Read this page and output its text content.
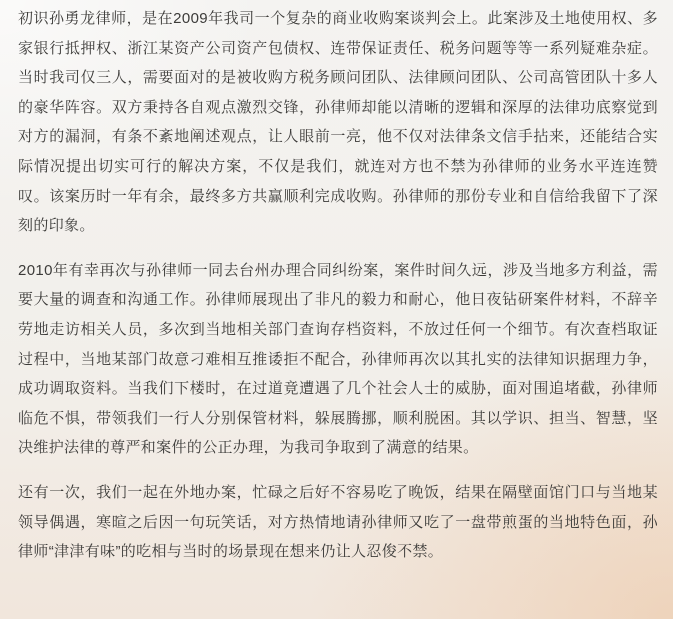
初识孙勇龙律师，是在2009年我司一个复杂的商业收购案谈判会上。此案涉及土地使用权、多家银行抵押权、浙江某资产公司资产包债权、连带保证责任、税务问题等等一系列疑难杂症。当时我司仅三人，需要面对的是被收购方税务顾问团队、法律顾问团队、公司高管团队十多人的豪华阵容。双方秉持各自观点激烈交锋，孙律师却能以清晰的逻辑和深厚的法律功底察觉到对方的漏洞，有条不紊地阐述观点，让人眼前一亮，他不仅对法律条文信手拈来，还能结合实际情况提出切实可行的解决方案，不仅是我们，就连对方也不禁为孙律师的业务水平连连赞叹。该案历时一年有余，最终多方共赢顺利完成收购。孙律师的那份专业和自信给我留下了深刻的印象。

2010年有幸再次与孙律师一同去台州办理合同纠纷案，案件时间久远，涉及当地多方利益，需要大量的调查和沟通工作。孙律师展现出了非凡的毅力和耐心，他日夜钻研案件材料，不辞辛劳地走访相关人员，多次到当地相关部门查询存档资料，不放过任何一个细节。有次查档取证过程中，当地某部门故意刁难相互推诿拒不配合，孙律师再次以其扎实的法律知识据理力争，成功调取资料。当我们下楼时，在过道竟遭遇了几个社会人士的威胁，面对围追堵截，孙律师临危不惧，带领我们一行人分别保管材料，躲展腾挪，顺利脱困。其以学识、担当、智慧，坚决维护法律的尊严和案件的公正办理，为我司争取到了满意的结果。

还有一次，我们一起在外地办案，忙碌之后好不容易吃了晚饭，结果在隔壁面馆门口与当地某领导偶遇，寒暄之后因一句玩笑话，对方热情地请孙律师又吃了一盘带煎蛋的当地特色面，孙律师“津津有味”的吃相与当时的场景现在想来仍让人忍俊不禁。
